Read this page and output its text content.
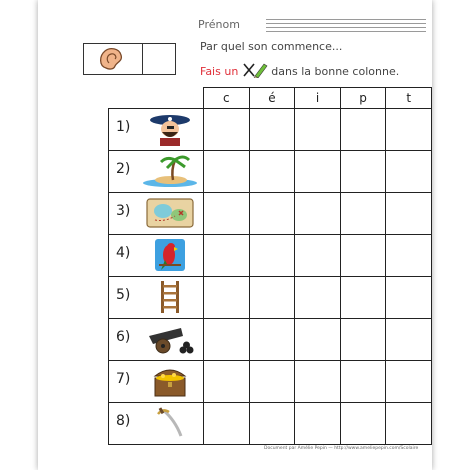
Prénom
Par quel son commence...
Fais un	dans la bonne colonne.
	c	é	i	p	t

1)					

2)					

3)					

4)					

5)					

6)					

7)					

8)					

Document par Amélie Pepin — http://www.ameliepepin.com/Scolaire
